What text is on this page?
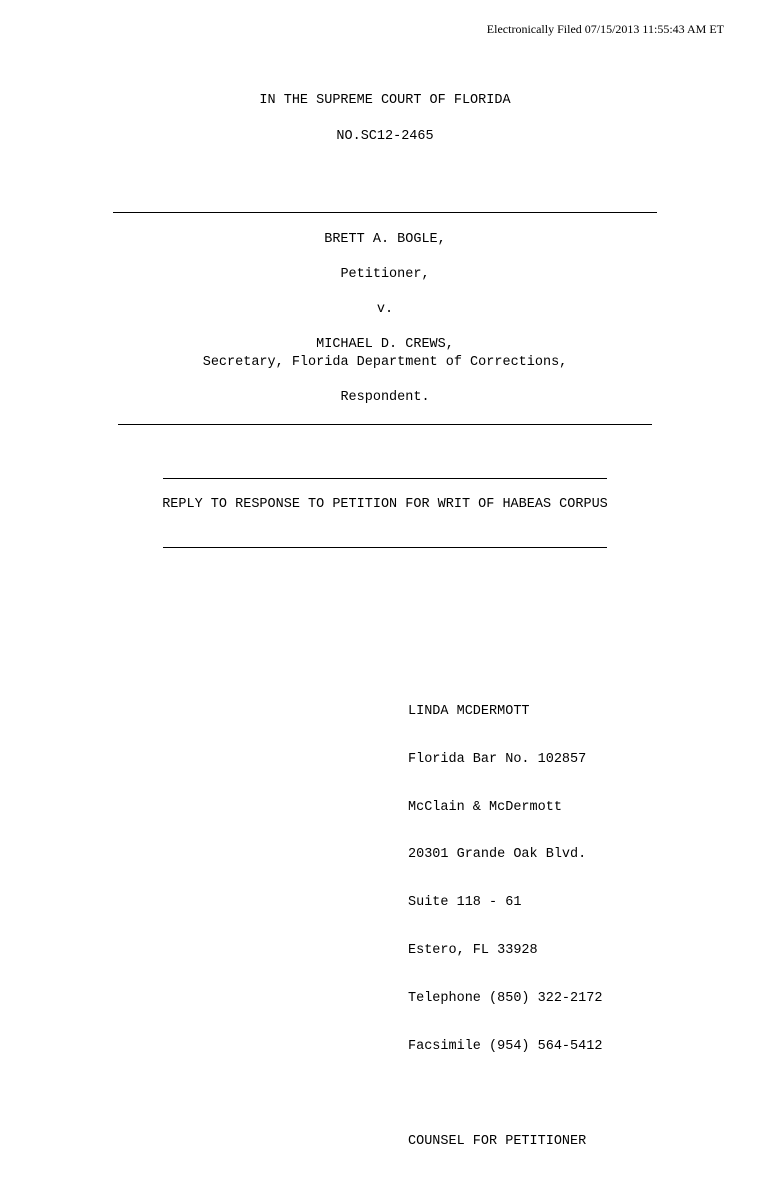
Electronically Filed 07/15/2013 11:55:43 AM ET
IN THE SUPREME COURT OF FLORIDA
NO.SC12-2465
BRETT A. BOGLE,
Petitioner,
v.
MICHAEL D. CREWS,
Secretary, Florida Department of Corrections,
Respondent.
REPLY TO RESPONSE TO PETITION FOR WRIT OF HABEAS CORPUS

LINDA MCDERMOTT

Florida Bar No. 102857

McClain & McDermott

20301 Grande Oak Blvd.

Suite 118 - 61

Estero, FL 33928

Telephone (850) 322-2172

Facsimile (954) 564-5412

COUNSEL FOR PETITIONER
